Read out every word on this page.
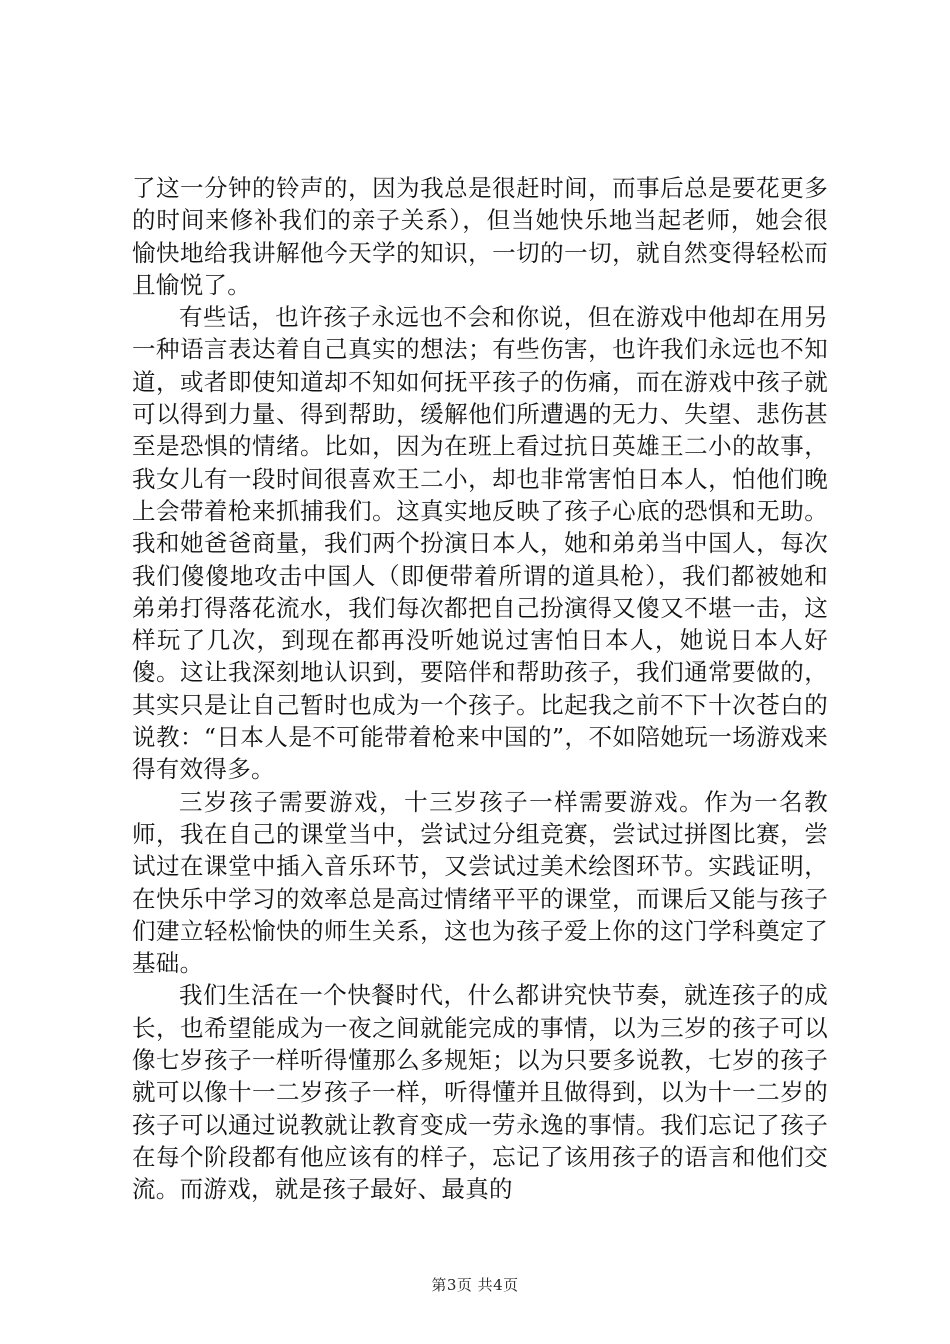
了这一分钟的铃声的，因为我总是很赶时间，而事后总是要花更多的时间来修补我们的亲子关系），但当她快乐地当起老师，她会很愉快地给我讲解他今天学的知识，一切的一切，就自然变得轻松而且愉悦了。

有些话，也许孩子永远也不会和你说，但在游戏中他却在用另一种语言表达着自己真实的想法；有些伤害，也许我们永远也不知道，或者即使知道却不知如何抚平孩子的伤痛，而在游戏中孩子就可以得到力量、得到帮助，缓解他们所遭遇的无力、失望、悲伤甚至是恐惧的情绪。比如，因为在班上看过抗日英雄王二小的故事，我女儿有一段时间很喜欢王二小，却也非常害怕日本人，怕他们晚上会带着枪来抓捕我们。这真实地反映了孩子心底的恐惧和无助。我和她爸爸商量，我们两个扮演日本人，她和弟弟当中国人，每次我们傻傻地攻击中国人（即便带着所谓的道具枪），我们都被她和弟弟打得落花流水，我们每次都把自己扮演得又傻又不堪一击，这样玩了几次，到现在都再没听她说过害怕日本人，她说日本人好傻。这让我深刻地认识到，要陪伴和帮助孩子，我们通常要做的，其实只是让自己暂时也成为一个孩子。比起我之前不下十次苍白的说教：“日本人是不可能带着枪来中国的”，不如陪她玩一场游戏来得有效得多。

三岁孩子需要游戏，十三岁孩子一样需要游戏。作为一名教师，我在自己的课堂当中，尝试过分组竞赛，尝试过拼图比赛，尝试过在课堂中插入音乐环节，又尝试过美术绘图环节。实践证明，在快乐中学习的效率总是高过情绪平平的课堂，而课后又能与孩子们建立轻松愉快的师生关系，这也为孩子爱上你的这门学科奠定了基础。

我们生活在一个快餐时代，什么都讲究快节奏，就连孩子的成长，也希望能成为一夜之间就能完成的事情，以为三岁的孩子可以像七岁孩子一样听得懂那么多规矩；以为只要多说教，七岁的孩子就可以像十一二岁孩子一样，听得懂并且做得到，以为十一二岁的孩子可以通过说教就让教育变成一劳永逸的事情。我们忘记了孩子在每个阶段都有他应该有的样子，忘记了该用孩子的语言和他们交流。而游戏，就是孩子最好、最真的

第3页 共4页
